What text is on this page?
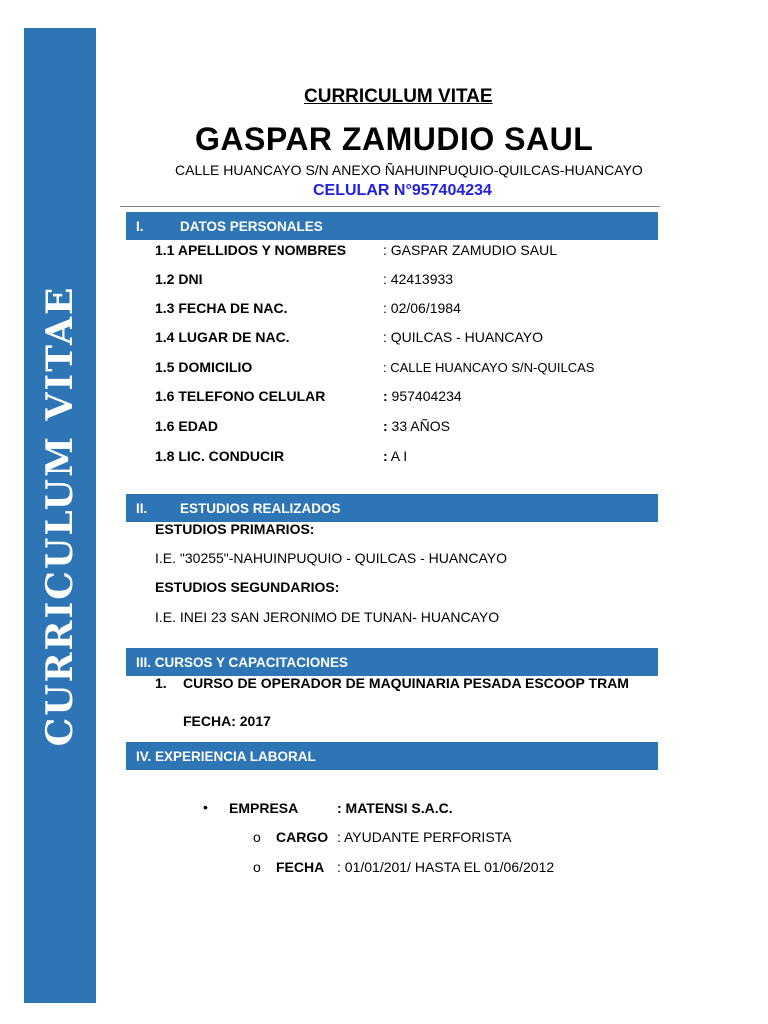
CURRICULUM VITAE
CURRICULUM VITAE
GASPAR ZAMUDIO SAUL
CALLE HUANCAYO S/N ANEXO ÑAHUINPUQUIO-QUILCAS-HUANCAYO
CELULAR N°957404234
I.	DATOS PERSONALES
1.1 APELLIDOS Y NOMBRES	: GASPAR ZAMUDIO SAUL
1.2 DNI	: 42413933
1.3 FECHA DE NAC.	: 02/06/1984
1.4 LUGAR DE NAC.	: QUILCAS - HUANCAYO
1.5 DOMICILIO	: CALLE HUANCAYO S/N-QUILCAS
1.6 TELEFONO CELULAR	: 957404234
1.6 EDAD	: 33 AÑOS
1.8 LIC. CONDUCIR	: A I
II.	ESTUDIOS REALIZADOS
ESTUDIOS PRIMARIOS:
I.E. "30255"-NAHUINPUQUIO - QUILCAS - HUANCAYO
ESTUDIOS SEGUNDARIOS:
I.E. INEI 23 SAN JERONIMO DE TUNAN- HUANCAYO
III. CURSOS Y CAPACITACIONES
1. CURSO DE OPERADOR DE MAQUINARIA PESADA ESCOOP TRAM
FECHA: 2017
IV. EXPERIENCIA LABORAL
• EMPRESA	: MATENSI S.A.C.
o CARGO : AYUDANTE PERFORISTA
o FECHA : 01/01/201/ HASTA EL 01/06/2012
